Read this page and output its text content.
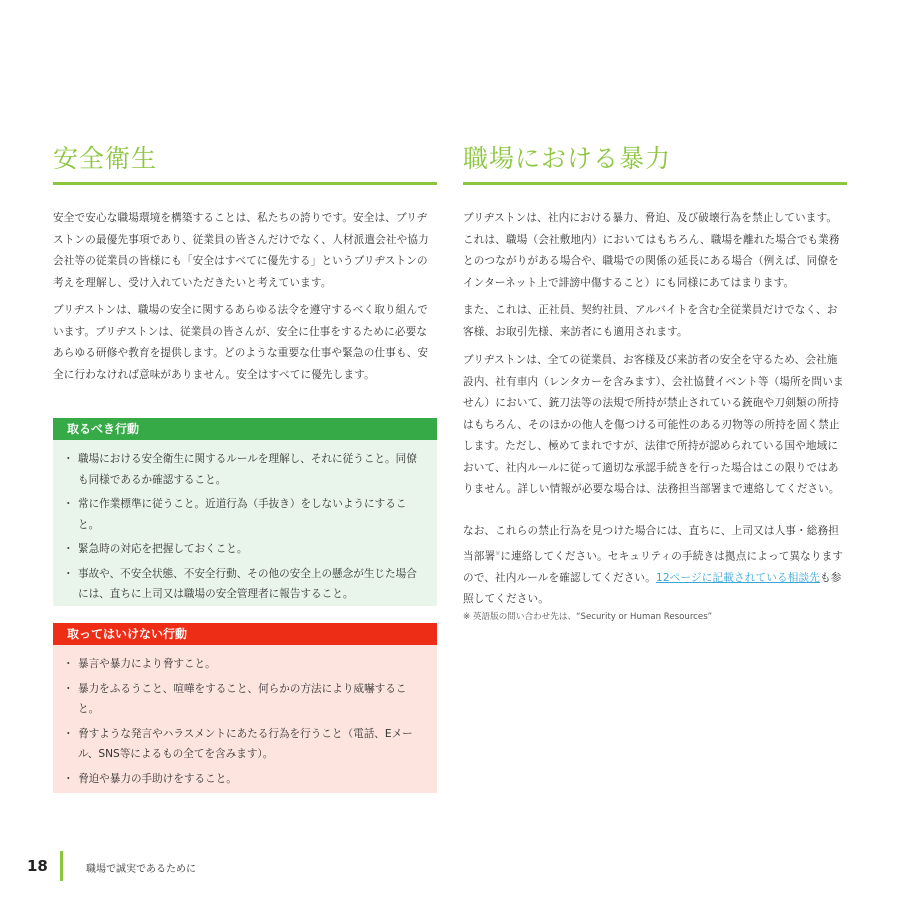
安全衛生

安全で安心な職場環境を構築することは、私たちの誇りです。安全は、ブリヂストンの最優先事項であり、従業員の皆さんだけでなく、人材派遣会社や協力会社等の従業員の皆様にも「安全はすべてに優先する」というブリヂストンの考えを理解し、受け入れていただきたいと考えています。

ブリヂストンは、職場の安全に関するあらゆる法令を遵守するべく取り組んでいます。ブリヂストンは、従業員の皆さんが、安全に仕事をするために必要なあらゆる研修や教育を提供します。どのような重要な仕事や緊急の仕事も、安全に行わなければ意味がありません。安全はすべてに優先します。

取るべき行動
・ 職場における安全衛生に関するルールを理解し、それに従うこと。同僚も同様であるか確認すること。
・ 常に作業標準に従うこと。近道行為（手抜き）をしないようにすること。
・ 緊急時の対応を把握しておくこと。
・ 事故や、不安全状態、不安全行動、その他の安全上の懸念が生じた場合には、直ちに上司又は職場の安全管理者に報告すること。
取ってはいけない行動
・ 暴言や暴力により脅すこと。
・ 暴力をふるうこと、喧嘩をすること、何らかの方法により威嚇すること。
・ 脅すような発言やハラスメントにあたる行為を行うこと（電話、Eメール、SNS等によるもの全てを含みます）。
・ 脅迫や暴力の手助けをすること。
職場における暴力

ブリヂストンは、社内における暴力、脅迫、及び破壊行為を禁止しています。これは、職場（会社敷地内）においてはもちろん、職場を離れた場合でも業務とのつながりがある場合や、職場での関係の延長にある場合（例えば、同僚をインターネット上で誹謗中傷すること）にも同様にあてはまります。

また、これは、正社員、契約社員、アルバイトを含む全従業員だけでなく、お客様、お取引先様、来訪者にも適用されます。

ブリヂストンは、全ての従業員、お客様及び来訪者の安全を守るため、会社施設内、社有車内（レンタカーを含みます）、会社協賛イベント等（場所を問いません）において、銃刀法等の法規で所持が禁止されている銃砲や刀剣類の所持はもちろん、そのほかの他人を傷つける可能性のある刃物等の所持を固く禁止します。ただし、極めてまれですが、法律で所持が認められている国や地域において、社内ルールに従って適切な承認手続きを行った場合はこの限りではありません。詳しい情報が必要な場合は、法務担当部署まで連絡してください。

なお、これらの禁止行為を見つけた場合には、直ちに、上司又は人事・総務担当部署※に連絡してください。セキュリティの手続きは拠点によって異なりますので、社内ルールを確認してください。12ページに記載されている相談先も参照してください。

※ 英語版の問い合わせ先は、“Security or Human Resources”
18	職場で誠実であるために
